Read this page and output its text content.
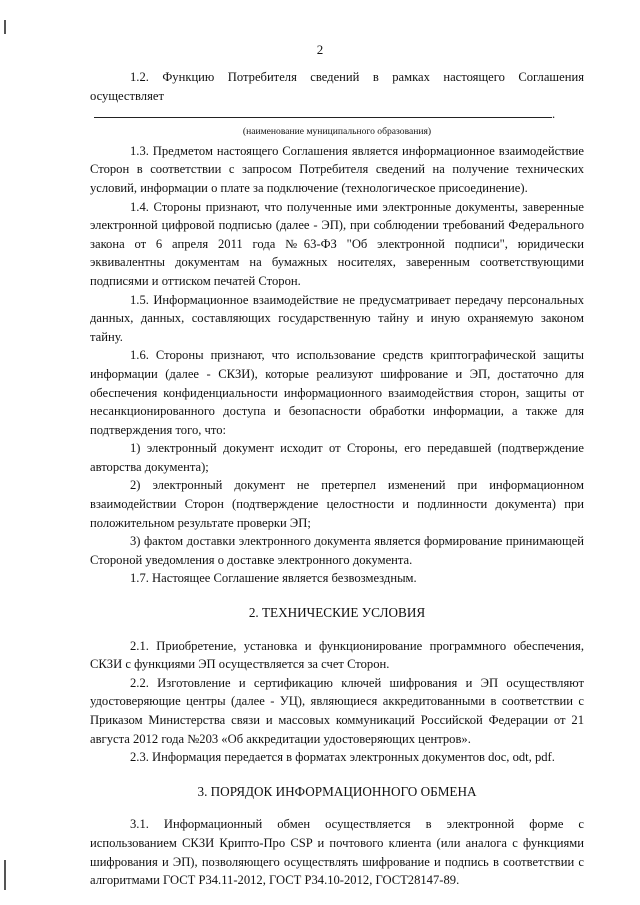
2

1.2. Функцию Потребителя сведений в рамках настоящего Соглашения осуществляет.

(наименование муниципального образования)

1.3. Предметом настоящего Соглашения является информационное взаимодействие Сторон в соответствии с запросом Потребителя сведений на получение технических условий, информации о плате за подключение (технологическое присоединение).

1.4. Стороны признают, что полученные ими электронные документы, заверенные электронной цифровой подписью (далее - ЭП), при соблюдении требований Федерального закона от 6 апреля 2011 года №63-ФЗ "Об электронной подписи", юридически эквивалентны документам на бумажных носителях, заверенным соответствующими подписями и оттиском печатей Сторон.

1.5. Информационное взаимодействие не предусматривает передачу персональных данных, данных, составляющих государственную тайну и иную охраняемую законом тайну.

1.6. Стороны признают, что использование средств криптографической защиты информации (далее - СКЗИ), которые реализуют шифрование и ЭП, достаточно для обеспечения конфиденциальности информационного взаимодействия сторон, защиты от несанкционированного доступа и безопасности обработки информации, а также для подтверждения того, что:

1) электронный документ исходит от Стороны, его передавшей (подтверждение авторства документа);

2) электронный документ не претерпел изменений при информационном взаимодействии Сторон (подтверждение целостности и подлинности документа) при положительном результате проверки ЭП;

3) фактом доставки электронного документа является формирование принимающей Стороной уведомления о доставке электронного документа.

1.7. Настоящее Соглашение является безвозмездным.

2. ТЕХНИЧЕСКИЕ УСЛОВИЯ

2.1. Приобретение, установка и функционирование программного обеспечения, СКЗИ с функциями ЭП осуществляется за счет Сторон.

2.2. Изготовление и сертификацию ключей шифрования и ЭП осуществляют удостоверяющие центры (далее - УЦ), являющиеся аккредитованными в соответствии с Приказом Министерства связи и массовых коммуникаций Российской Федерации от 21 августа 2012 года №203 «Об аккредитации удостоверяющих центров».

2.3. Информация передается в форматах электронных документов doc, odt, pdf.

3. ПОРЯДОК ИНФОРМАЦИОННОГО ОБМЕНА

3.1. Информационный обмен осуществляется в электронной форме с использованием СКЗИ Крипто-Про CSP и почтового клиента (или аналога с функциями шифрования и ЭП), позволяющего осуществлять шифрование и подпись в соответствии с алгоритмами ГОСТ Р34.11-2012, ГОСТ Р34.10-2012, ГОСТ28147-89.
